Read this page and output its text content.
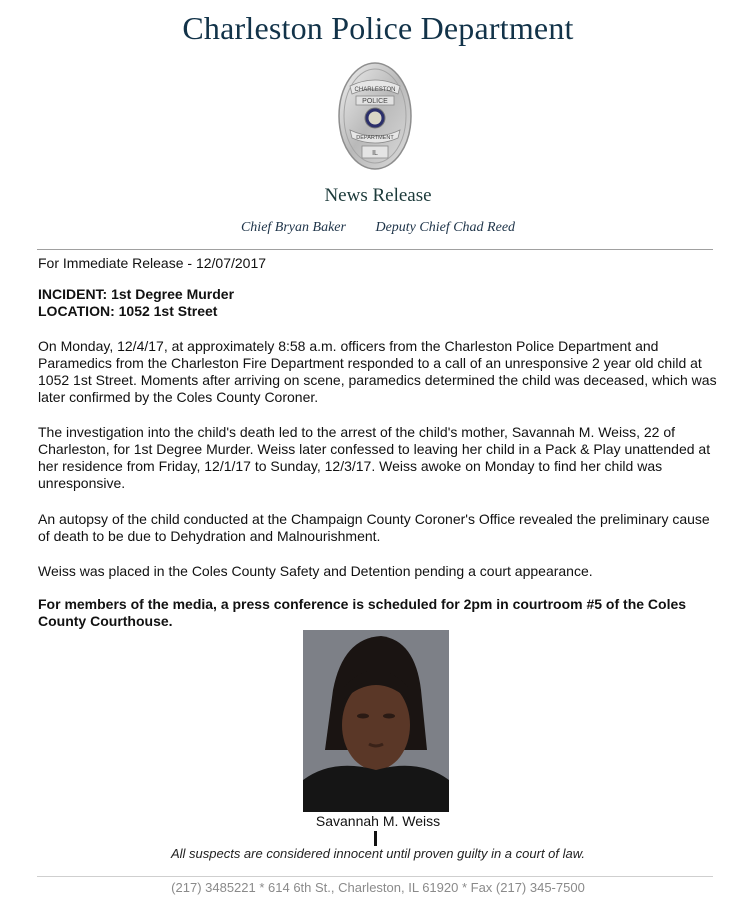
Charleston Police Department
CHARLESTON
POLICE
DEPARTMENT
IL
News Release
Chief Bryan Baker Deputy Chief Chad Reed
For Immediate Release - 12/07/2017
INCIDENT: 1st Degree Murder
LOCATION: 1052 1st Street
On Monday, 12/4/17, at approximately 8:58 a.m. officers from the Charleston Police Department and Paramedics from the Charleston Fire Department responded to a call of an unresponsive 2 year old child at 1052 1st Street. Moments after arriving on scene, paramedics determined the child was deceased, which was later confirmed by the Coles County Coroner.
The investigation into the child's death led to the arrest of the child's mother, Savannah M. Weiss, 22 of Charleston, for 1st Degree Murder. Weiss later confessed to leaving her child in a Pack & Play unattended at her residence from Friday, 12/1/17 to Sunday, 12/3/17. Weiss awoke on Monday to find her child was unresponsive.
An autopsy of the child conducted at the Champaign County Coroner's Office revealed the preliminary cause of death to be due to Dehydration and Malnourishment.
Weiss was placed in the Coles County Safety and Detention pending a court appearance.
For members of the media, a press conference is scheduled for 2pm in courtroom #5 of the Coles County Courthouse.
Savannah M. Weiss
All suspects are considered innocent until proven guilty in a court of law.
(217) 3485221 * 614 6th St., Charleston, IL 61920 * Fax (217) 345-7500
